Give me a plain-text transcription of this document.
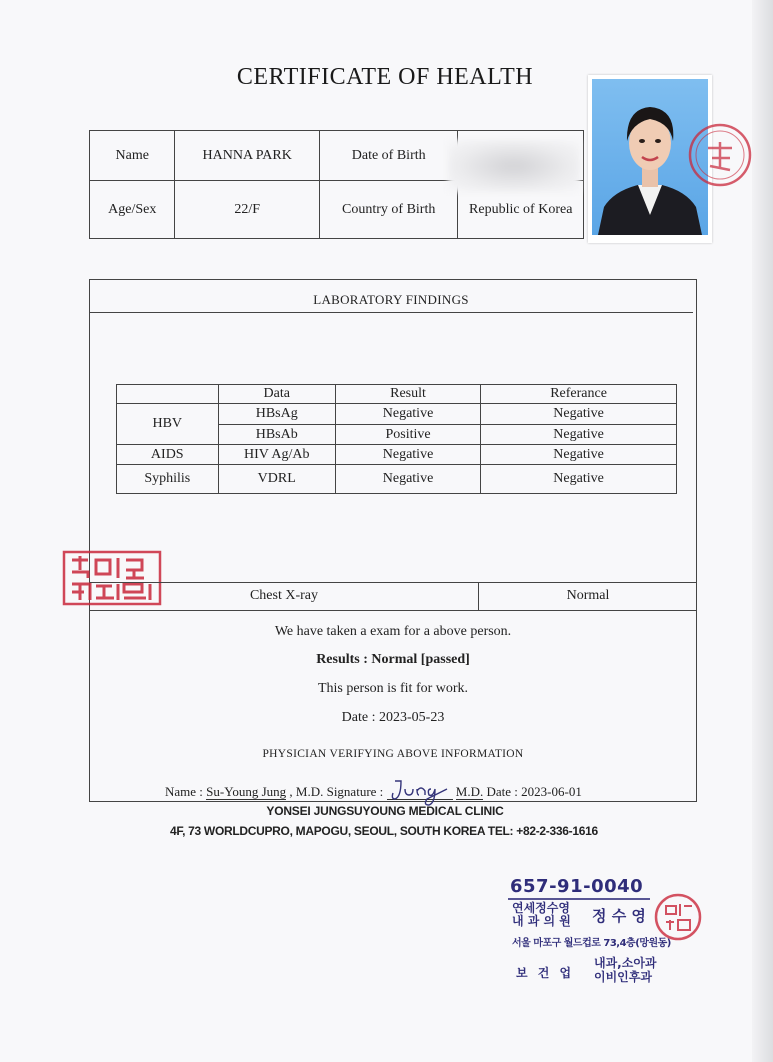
CERTIFICATE OF HEALTH
Name	HANNA PARK	Date of Birth	
Age/Sex	22/F	Country of Birth	Republic of Korea
LABORATORY FINDINGS
	Data	Result	Referance
HBV	HBsAg	Negative	Negative
	HBsAb	Positive	Negative
AIDS	HIV Ag/Ab	Negative	Negative
Syphilis	VDRL	Negative	Negative
Chest X-ray	Normal
We have taken a exam for a above person.
Results : Normal [passed]
This person is fit for work.
Date : 2023-05-23
PHYSICIAN VERIFYING ABOVE INFORMATION
Name : Su-Young Jung , M.D. Signature :	M.D. Date : 2023-06-01
YONSEI JUNGSUYOUNG MEDICAL CLINIC
4F, 73 WORLDCUPRO, MAPOGU, SEOUL, SOUTH KOREA TEL: +82-2-336-1616
657-91-0040
연세정수영
내 과 의 원 정 수 영
서울 마포구 월드컵로 73,4층(망원동)
보 건 업
내과,소아과
이비인후과
